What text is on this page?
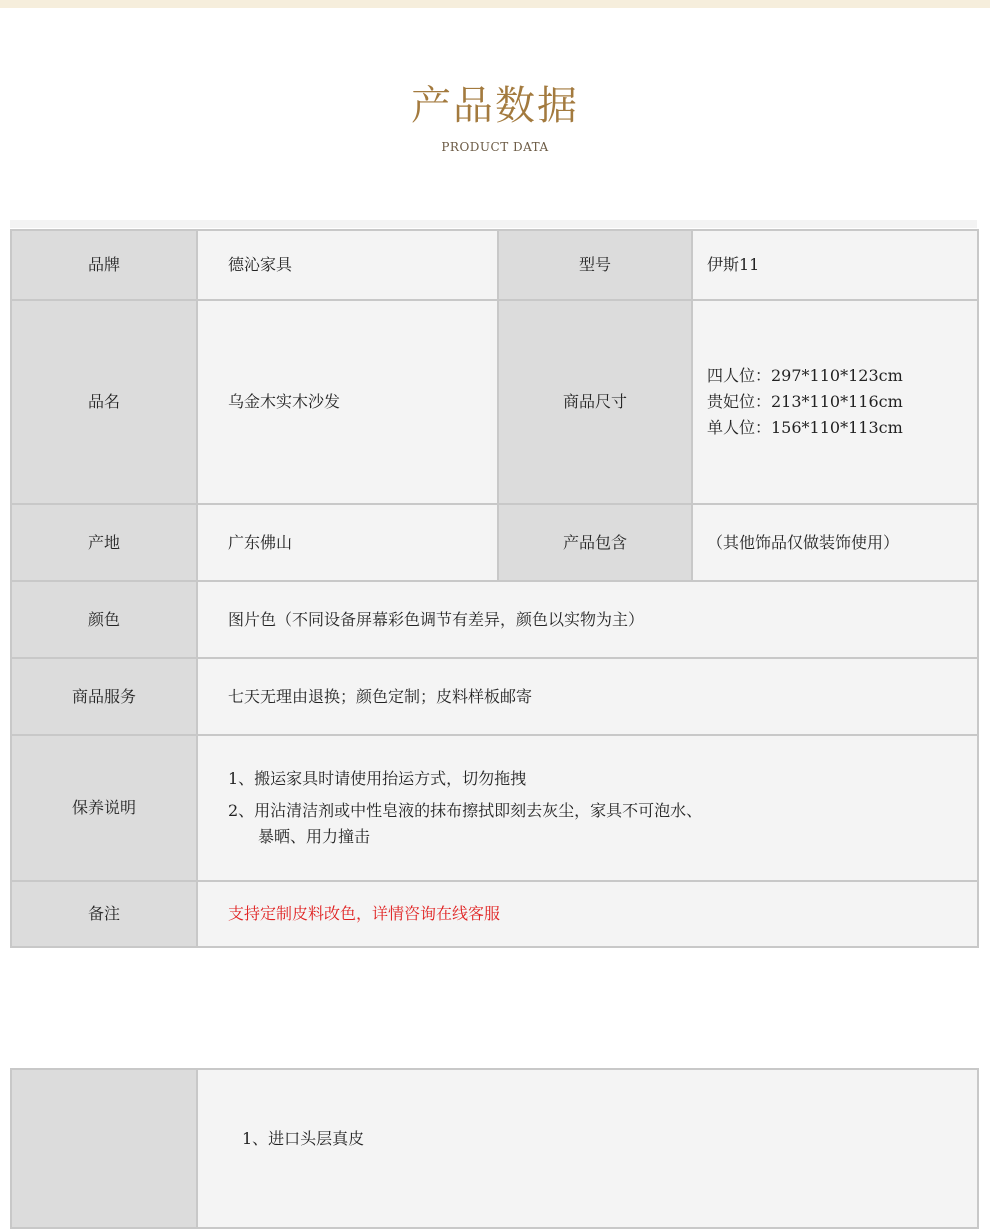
产品数据
PRODUCT DATA
品牌	德沁家具	型号	伊斯11
品名	乌金木实木沙发	商品尺寸	四人位：297*110*123cm
贵妃位：213*110*116cm
单人位：156*110*113cm

产地	广东佛山	产品包含	（其他饰品仅做装饰使用）
颜色	图片色（不同设备屏幕彩色调节有差异，颜色以实物为主）		
商品服务	七天无理由退换；颜色定制；皮料样板邮寄		
保养说明	1、搬运家具时请使用抬运方式，切勿拖拽
2、用沾清洁剂或中性皂液的抹布擦拭即刻去灰尘，家具不可泡水、
暴晒、用力撞击		

备注	支持定制皮料改色，详情咨询在线客服		
	1、进口头层真皮
